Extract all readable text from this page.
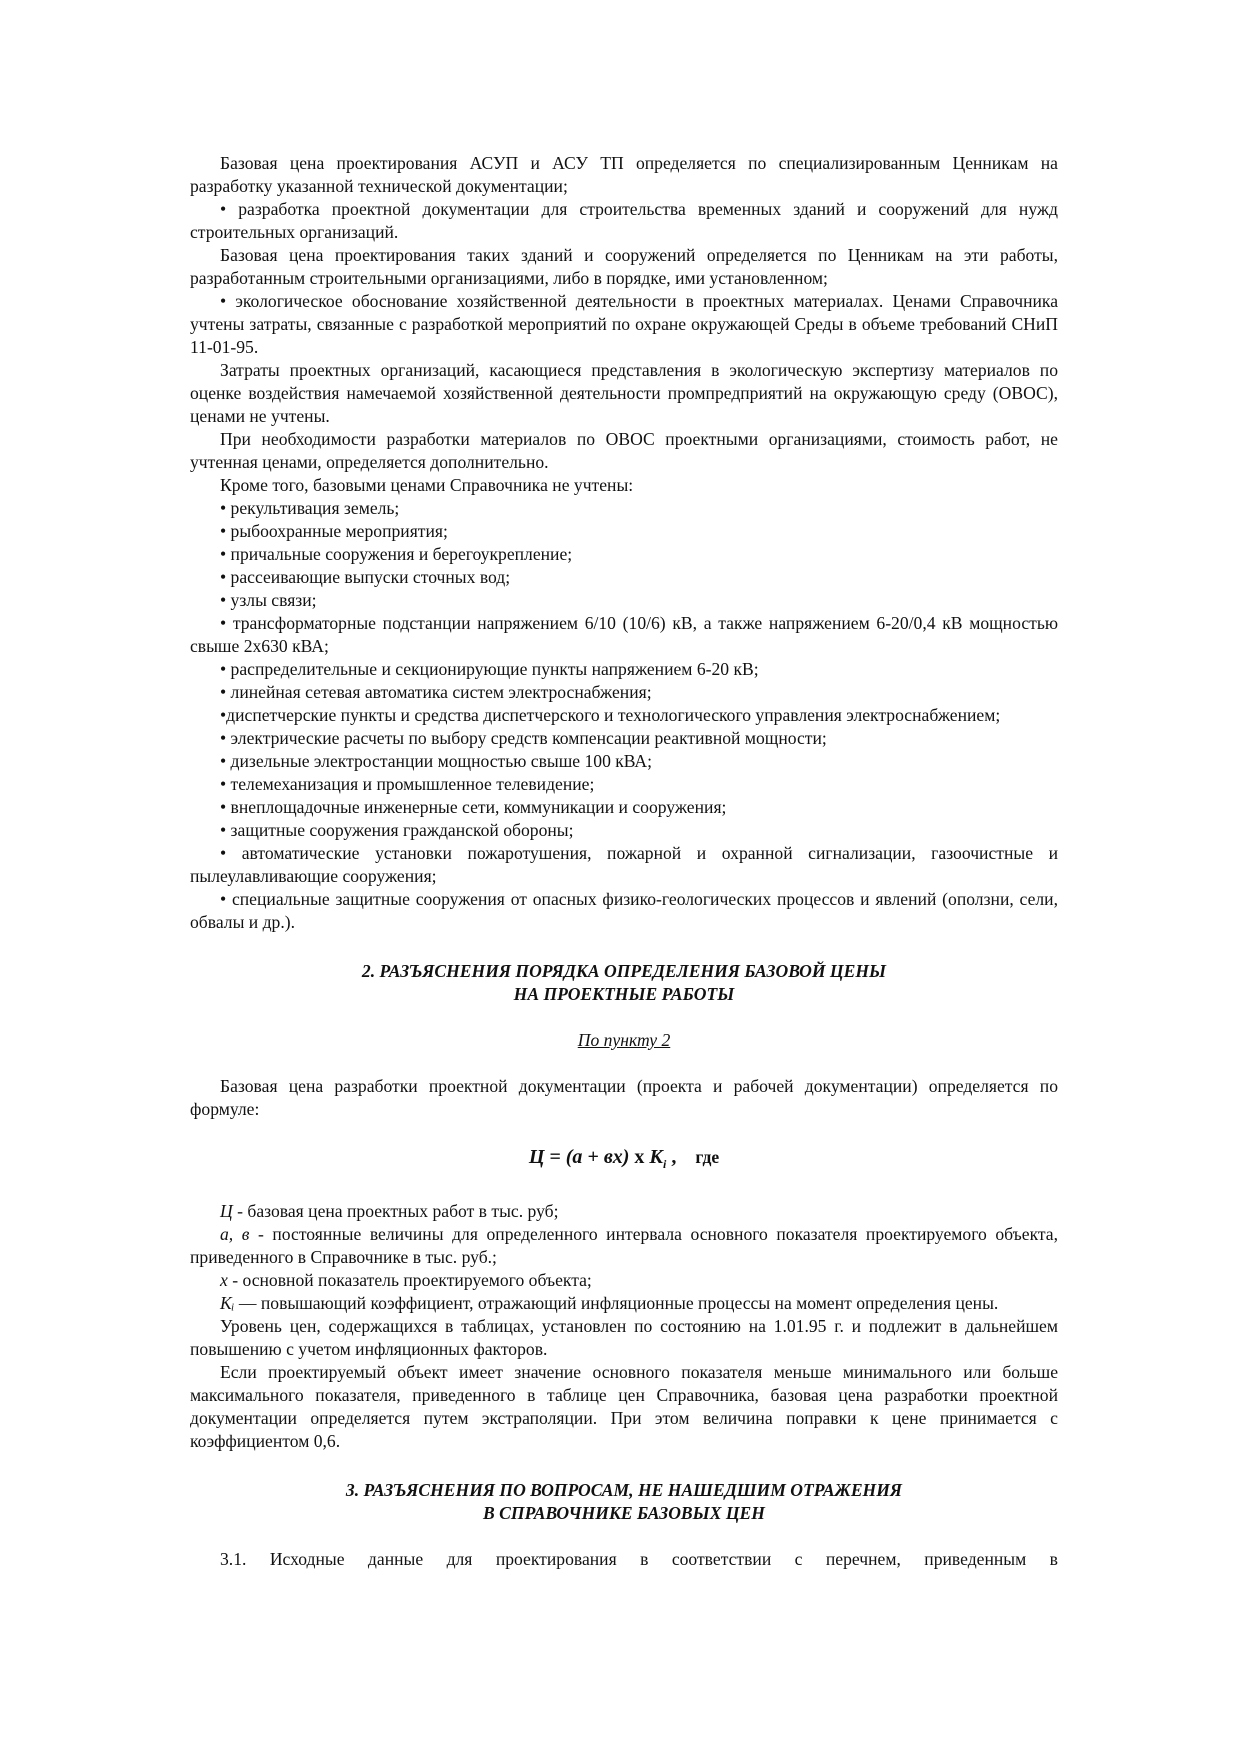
Базовая цена проектирования АСУП и АСУ ТП определяется по специализированным Ценникам на разработку указанной технической документации;

• разработка проектной документации для строительства временных зданий и сооружений для нужд строительных организаций.

Базовая цена проектирования таких зданий и сооружений определяется по Ценникам на эти работы, разработанным строительными организациями, либо в порядке, ими установленном;

• экологическое обоснование хозяйственной деятельности в проектных материалах. Ценами Справочника учтены затраты, связанные с разработкой мероприятий по охране окружающей Среды в объеме требований СНиП 11-01-95.

Затраты проектных организаций, касающиеся представления в экологическую экспертизу материалов по оценке воздействия намечаемой хозяйственной деятельности промпредприятий на окружающую среду (ОВОС), ценами не учтены.

При необходимости разработки материалов по ОВОС проектными организациями, стоимость работ, не учтенная ценами, определяется дополнительно.

Кроме того, базовыми ценами Справочника не учтены:

• рекультивация земель;

• рыбоохранные мероприятия;

• причальные сооружения и берегоукрепление;

• рассеивающие выпуски сточных вод;

• узлы связи;

• трансформаторные подстанции напряжением 6/10 (10/6) кВ, а также напряжением 6-20/0,4 кВ мощностью свыше 2х630 кВА;

• распределительные и секционирующие пункты напряжением 6-20 кВ;

• линейная сетевая автоматика систем электроснабжения;

•диспетчерские пункты и средства диспетчерского и технологического управления электроснабжением;

• электрические расчеты по выбору средств компенсации реактивной мощности;

• дизельные электростанции мощностью свыше 100 кВА;

• телемеханизация и промышленное телевидение;

• внеплощадочные инженерные сети, коммуникации и сооружения;

• защитные сооружения гражданской обороны;

• автоматические установки пожаротушения, пожарной и охранной сигнализации, газоочистные и пылеулавливающие сооружения;

• специальные защитные сооружения от опасных физико-геологических процессов и явлений (оползни, сели, обвалы и др.).

2. РАЗЪЯСНЕНИЯ ПОРЯДКА ОПРЕДЕЛЕНИЯ БАЗОВОЙ ЦЕНЫ
НА ПРОЕКТНЫЕ РАБОТЫ
По пункту 2

Базовая цена разработки проектной документации (проекта и рабочей документации) определяется по формуле:

Ц = (а + вх) х $К_i$ , где

Ц - базовая цена проектных работ в тыс. руб;

а, в - постоянные величины для определенного интервала основного показателя проектируемого объекта, приведенного в Справочнике в тыс. руб.;

х - основной показатель проектируемого объекта;

Кᵢ — повышающий коэффициент, отражающий инфляционные процессы на момент определения цены.

Уровень цен, содержащихся в таблицах, установлен по состоянию на 1.01.95 г. и подлежит в дальнейшем повышению с учетом инфляционных факторов.

Если проектируемый объект имеет значение основного показателя меньше минимального или больше максимального показателя, приведенного в таблице цен Справочника, базовая цена разработки проектной документации определяется путем экстраполяции. При этом величина поправки к цене принимается с коэффициентом 0,6.

3. РАЗЪЯСНЕНИЯ ПО ВОПРОСАМ, НЕ НАШЕДШИМ ОТРАЖЕНИЯ
В СПРАВОЧНИКЕ БАЗОВЫХ ЦЕН

3.1. Исходные данные для проектирования в соответствии с перечнем, приведенным в
